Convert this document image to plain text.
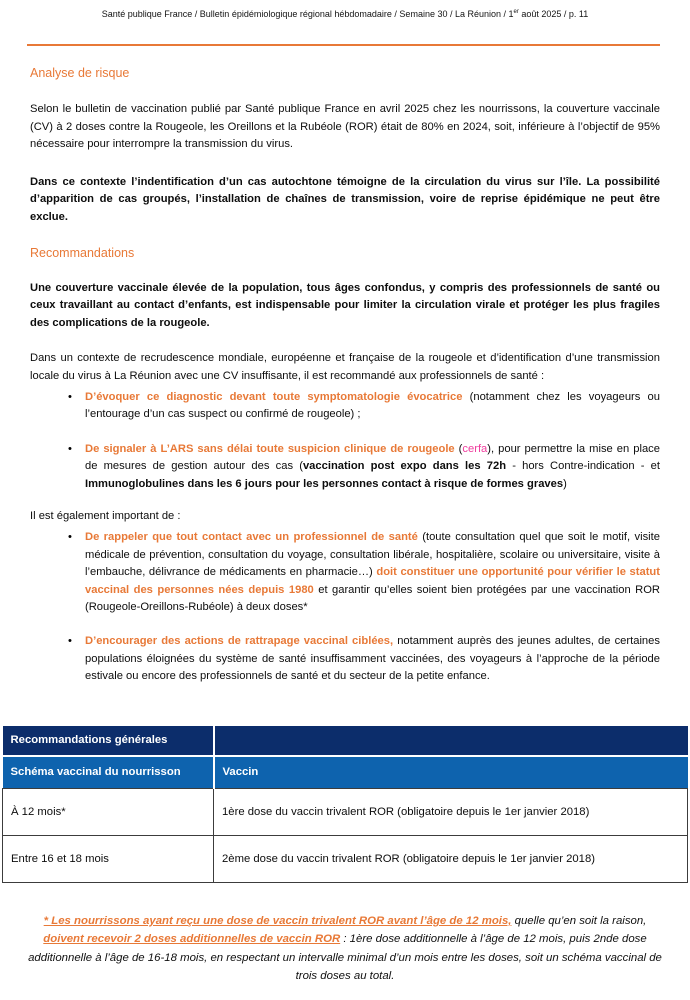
Santé publique France / Bulletin épidémiologique régional hébdomadaire / Semaine 30 / La Réunion / 1er août 2025 / p. 11
Analyse de risque

Selon le bulletin de vaccination publié par Santé publique France en avril 2025 chez les nourrissons, la couverture vaccinale (CV) à 2 doses contre la Rougeole, les Oreillons et la Rubéole (ROR) était de 80% en 2024, soit, inférieure à l’objectif de 95% nécessaire pour interrompre la transmission du virus.

Dans ce contexte l’indentification d’un cas autochtone témoigne de la circulation du virus sur l’île. La possibilité d’apparition de cas groupés, l’installation de chaînes de transmission, voire de reprise épidémique ne peut être exclue.

Recommandations

Une couverture vaccinale élevée de la population, tous âges confondus, y compris des professionnels de santé ou ceux travaillant au contact d’enfants, est indispensable pour limiter la circulation virale et protéger les plus fragiles des complications de la rougeole.

Dans un contexte de recrudescence mondiale, européenne et française de la rougeole et d’identification d’une transmission locale du virus à La Réunion avec une CV insuffisante, il est recommandé aux professionnels de santé :

• D’évoquer ce diagnostic devant toute symptomatologie évocatrice (notamment chez les voyageurs ou l’entourage d’un cas suspect ou confirmé de rougeole) ;
• De signaler à L’ARS sans délai toute suspicion clinique de rougeole (cerfa), pour permettre la mise en place de mesures de gestion autour des cas (vaccination post expo dans les 72h - hors Contre-indication - et Immunoglobulines dans les 6 jours pour les personnes contact à risque de formes graves)

Il est également important de :

• De rappeler que tout contact avec un professionnel de santé (toute consultation quel que soit le motif, visite médicale de prévention, consultation du voyage, consultation libérale, hospitalière, scolaire ou universitaire, visite à l’embauche, délivrance de médicaments en pharmacie…) doit constituer une opportunité pour vérifier le statut vaccinal des personnes nées depuis 1980 et garantir qu’elles soient bien protégées par une vaccination ROR (Rougeole-Oreillons-Rubéole) à deux doses*
• D’encourager des actions de rattrapage vaccinal ciblées, notamment auprès des jeunes adultes, de certaines populations éloignées du système de santé insuffisamment vaccinées, des voyageurs à l’approche de la période estivale ou encore des professionnels de santé et du secteur de la petite enfance.
Recommandations générales	
Schéma vaccinal du nourrisson	Vaccin
À 12 mois*	1ère dose du vaccin trivalent ROR (obligatoire depuis le 1er janvier 2018)
Entre 16 et 18 mois	2ème dose du vaccin trivalent ROR (obligatoire depuis le 1er janvier 2018)

* Les nourrissons ayant reçu une dose de vaccin trivalent ROR avant l’âge de 12 mois, quelle qu’en soit la raison, doivent recevoir 2 doses additionnelles de vaccin ROR : 1ère dose additionnelle à l’âge de 12 mois, puis 2nde dose additionnelle à l’âge de 16-18 mois, en respectant un intervalle minimal d’un mois entre les doses, soit un schéma vaccinal de trois doses au total.
